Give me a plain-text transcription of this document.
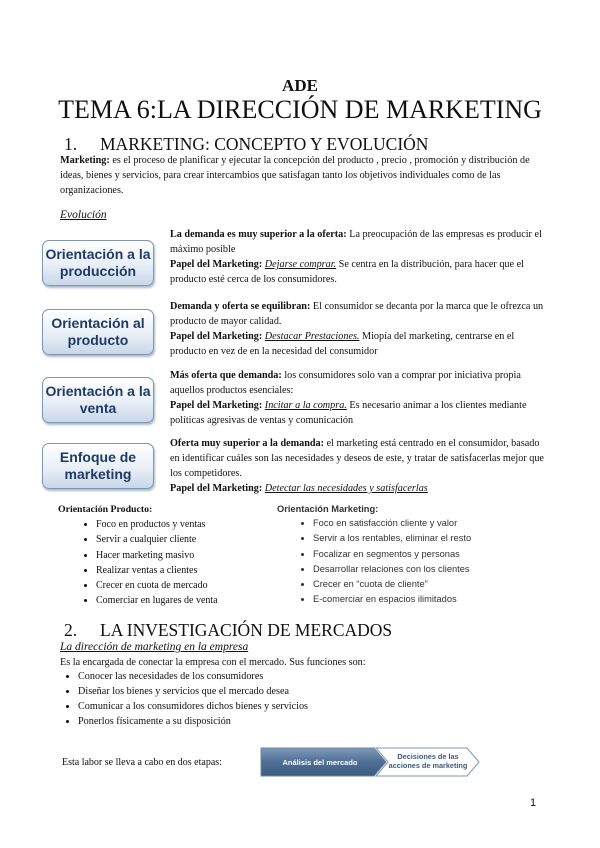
ADE
TEMA 6:LA DIRECCIÓN DE MARKETING
1. MARKETING: CONCEPTO Y EVOLUCIÓN
Marketing: es el proceso de planificar y ejecutar la concepción del producto , precio , promoción y distribución de ideas, bienes y servicios, para crear intercambios que satisfagan tanto los objetivos individuales como de las organizaciones.
Evolución
Orientación a la producción

La demanda es muy superior a la oferta: La preocupación de las empresas es producir el máximo posible

Papel del Marketing: Dejarse comprar. Se centra en la distribución, para hacer que el producto esté cerca de los consumidores.

Orientación al producto

Demanda y oferta se equilibran: El consumidor se decanta por la marca que le ofrezca un producto de mayor calidad.

Papel del Marketing: Destacar Prestaciones. Miopía del marketing, centrarse en el producto en vez de en la necesidad del consumidor

Orientación a la venta

Más oferta que demanda: los consumidores solo van a comprar por iniciativa propia aquellos productos esenciales:

Papel del Marketing: Incitar a la compra. Es necesario animar a los clientes mediante políticas agresivas de ventas y comunicación

Enfoque de marketing

Oferta muy superior a la demanda: el marketing está centrado en el consumidor, basado en identificar cuáles son las necesidades y deseos de este, y tratar de satisfacerlas mejor que los competidores.

Papel del Marketing: Detectar las necesidades y satisfacerlas

Orientación Producto:
• Foco en productos y ventas
• Servir a cualquier cliente
• Hacer marketing masivo
• Realizar ventas a clientes
• Crecer en cuota de mercado
• Comerciar en lugares de venta
Orientación Marketing:
• Foco en satisfacción cliente y valor
• Servir a los rentables, eliminar el resto
• Focalizar en segmentos y personas
• Desarrollar relaciones con los clientes
• Crecer en “cuota de cliente”
• E-comerciar en espacios ilimitados
2. LA INVESTIGACIÓN DE MERCADOS
La dirección de marketing en la empresa
Es la encargada de conectar la empresa con el mercado. Sus funciones son:
• Conocer las necesidades de los consumidores
• Diseñar los bienes y servicios que el mercado desea
• Comunicar a los consumidores dichos bienes y servicios
• Ponerlos físicamente a su disposición
Esta labor se lleva a cabo en dos etapas:	Análisis del mercado
Decisiones de las acciones de marketing
1
